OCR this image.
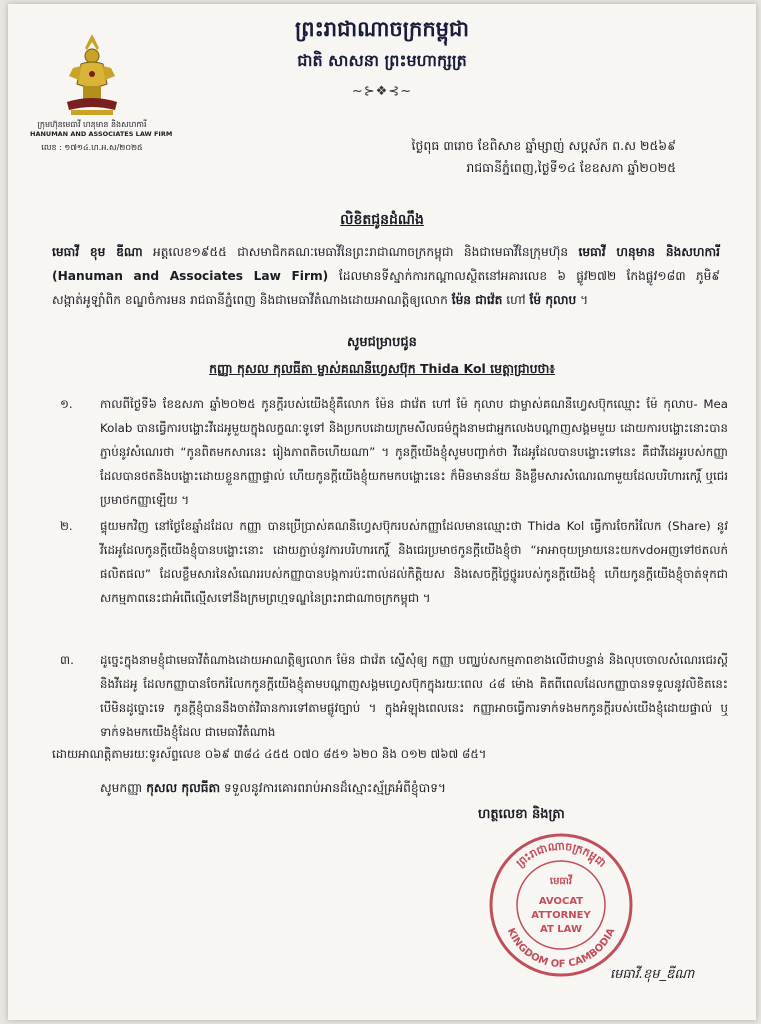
ក្រុមហ៊ុនមេធាវី ហនុមាន និងសហការី
HANUMAN AND ASSOCIATES LAW FIRM
លេខ : ១៧១៤.ហ.អ.ស/២០២៥
ព្រះរាជាណាចក្រកម្ពុជា
ជាតិ សាសនា ព្រះមហាក្សត្រ
~⊱❖⊰~
ថ្ងៃពុធ ៣រោច ខែពិសាខ ឆ្នាំម្សាញ់ សប្តស័ក ព.ស ២៥៦៩
រាជធានីភ្នំពេញ,ថ្ងៃទី១៤ ខែឧសភា ឆ្នាំ២០២៥
លិខិតជូនដំណឹង
មេធាវី ខុម ឌីណា អត្តលេខ១៩៥៥ ជាសមាជិកគណៈមេធាវីនៃព្រះរាជាណាចក្រកម្ពុជា និងជាមេធាវីនៃក្រុមហ៊ុន មេធាវី ហនុមាន និងសហការី (Hanuman and Associates Law Firm) ដែលមានទីស្នាក់ការកណ្តាលស្ថិតនៅអគារលេខ ៦ ផ្លូវ២៧២ កែងផ្លូវ១៨៣ ភូមិ៩ សង្កាត់អូឡាំពិក ខណ្ឌចំការមន រាជធានីភ្នំពេញ និងជាមេធាវីតំណាងដោយអាណត្តិឲ្យលោក ម៉ែន ជាវ៉េត ហៅ ម៉ែ កុលាប ។
សូមជម្រាបជូន
កញ្ញា កុសល កុលធីតា ម្ចាស់គណនីហ្វេសប៊ុក Thida Kol មេត្តាជ្រាបថា៖
១.	កាលពីថ្ងៃទី៦ ខែឧសភា ឆ្នាំ២០២៥ កូនក្តីរបស់យើងខ្ញុំគឺលោក ម៉ែន ជាវ៉េត ហៅ ម៉ែ កុលាប ជាម្ចាស់គណនីហ្វេសប៊ុកឈ្មោះ ម៉ែ កុលាប- Mea Kolab បានធ្វើការបង្ហោះវីដេអូមួយក្នុងលក្ខណៈទូទៅ និងប្រកបដោយក្រមសីលធម៌ក្នុងនាមជាអ្នកលេងបណ្តាញសង្គមមួយ ដោយការបង្ហោះនោះបានភ្ជាប់នូវសំណេរថា “កូនពិតមកសារនេះ រៀងភាពតិចហើយណា” ។ កូនក្តីយើងខ្ញុំសូមបញ្ជាក់ថា វីដេអូដែលបានបង្ហោះទៅនេះ គឺជាវីដេអូរបស់កញ្ញាដែលបានថតនិងបង្ហោះដោយខ្លួនកញ្ញាផ្ទាល់ ហើយកូនក្តីយើងខ្ញុំយកមកបង្ហោះនេះ ក៏មិនមានន័យ និងខ្លឹមសារសំណេរណាមួយដែលបរិហារកេរ្តិ៍ ឬជេរប្រមាថកញ្ញាឡើយ ។
២.	ផ្ទុយមកវិញ នៅថ្ងៃខែឆ្នាំដដែល កញ្ញា បានប្រើប្រាស់គណនីហ្វេសប៊ុករបស់កញ្ញាដែលមានឈ្មោះថា Thida Kol ធ្វើការចែករំលែក (Share) នូវវីដេអូដែលកូនក្តីយើងខ្ញុំបានបង្ហោះនោះ ដោយភ្ជាប់នូវការបរិហារកេរ្តិ៍ និងជេរប្រមាថកូនក្តីយើងខ្ញុំថា “អាអាចុយម្រាយនេះយកvdoអញទៅថតលក់ផលិតផល” ដែលខ្លឹមសារនៃសំណេររបស់កញ្ញាបានបង្កការប៉ះពាល់ដល់កិត្តិយស និងសេចក្តីថ្លៃថ្នូររបស់កូនក្តីយើងខ្ញុំ ហើយកូនក្តីយើងខ្ញុំចាត់ទុកជាសកម្មភាពនេះជាអំពើល្មើសទៅនឹងក្រមព្រហ្មទណ្ឌនៃព្រះរាជាណាចក្រកម្ពុជា ។
៣.	ដូច្នេះក្នុងនាមខ្ញុំជាមេធាវីតំណាងដោយអាណត្តិឲ្យលោក ម៉ែន ជាវ៉េត ស្នើសុំឲ្យ កញ្ញា បញ្ឈប់សកម្មភាពខាងលើជាបន្ទាន់ និងលុបចោលសំណេរជេរស្តី និងវីដេអូ ដែលកញ្ញាបានចែករំលែកកូនក្តីយើងខ្ញុំតាមបណ្តាញសង្គមហ្វេសប៊ុកក្នុងរយៈពេល ៤៨ ម៉ោង គិតពីពេលដែលកញ្ញាបានទទួលនូវលិខិតនេះ បើមិនដូច្នោះទេ កូនក្តីខ្ញុំបាននឹងចាត់វិធានការទៅតាមផ្លូវច្បាប់ ។ ក្នុងអំឡុងពេលនេះ កញ្ញាអាចធ្វើការទាក់ទងមកកូនក្តីរបស់យើងខ្ញុំដោយផ្ទាល់ ឬទាក់ទងមកយើងខ្ញុំដែល ជាមេធាវីតំណាង
ដោយអាណត្តិតាមរយៈទូរស័ព្ទលេខ ០៦៩ ៣៨៤ ៤៥៥ ០៧០ ៨៥១ ៦២០ និង ០១២ ៧៦៧ ៨៥។
សូមកញ្ញា កុសល កុលធីតា ទទួលនូវការគោរពរាប់អានដ៏ស្មោះស្ម័គ្រអំពីខ្ញុំបាទ។
ហត្ថលេខា និងត្រា
ព្រះរាជាណាចក្រកម្ពុជា
KINGDOM OF CAMBODIA
មេធាវី
AVOCAT
ATTORNEY
AT LAW
មេធាវី.ខុម_ឌីណា
